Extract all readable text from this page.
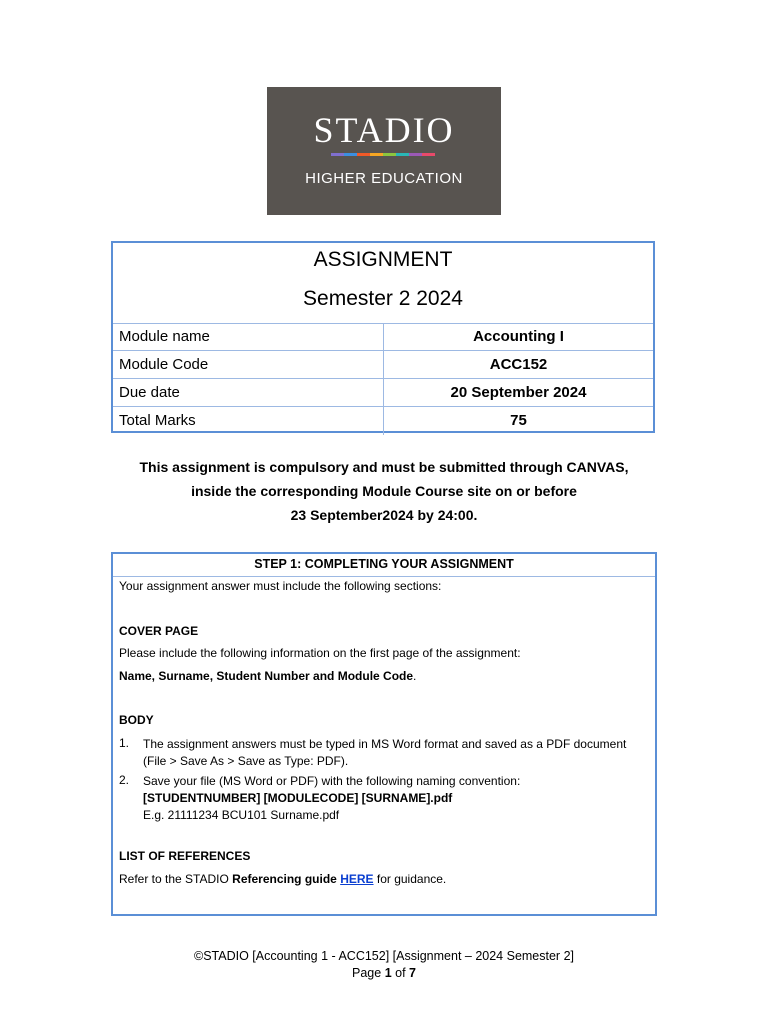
STADIO
HIGHER EDUCATION
ASSIGNMENT
Semester 2 2024
Module name	Accounting I
Module Code	ACC152
Due date	20 September 2024
Total Marks	75
This assignment is compulsory and must be submitted through CANVAS,
inside the corresponding Module Course site on or before
23 September2024 by 24:00.
STEP 1: COMPLETING YOUR ASSIGNMENT
Your assignment answer must include the following sections:
COVER PAGE
Please include the following information on the first page of the assignment:
Name, Surname, Student Number and Module Code.
BODY
1. The assignment answers must be typed in MS Word format and saved as a PDF document (File > Save As > Save as Type: PDF).
2. Save your file (MS Word or PDF) with the following naming convention:
[STUDENTNUMBER] [MODULECODE] [SURNAME].pdf
E.g. 21111234 BCU101 Surname.pdf
LIST OF REFERENCES
Refer to the STADIO Referencing guide HERE for guidance.
©STADIO [Accounting 1 - ACC152] [Assignment – 2024 Semester 2]
Page 1 of 7
